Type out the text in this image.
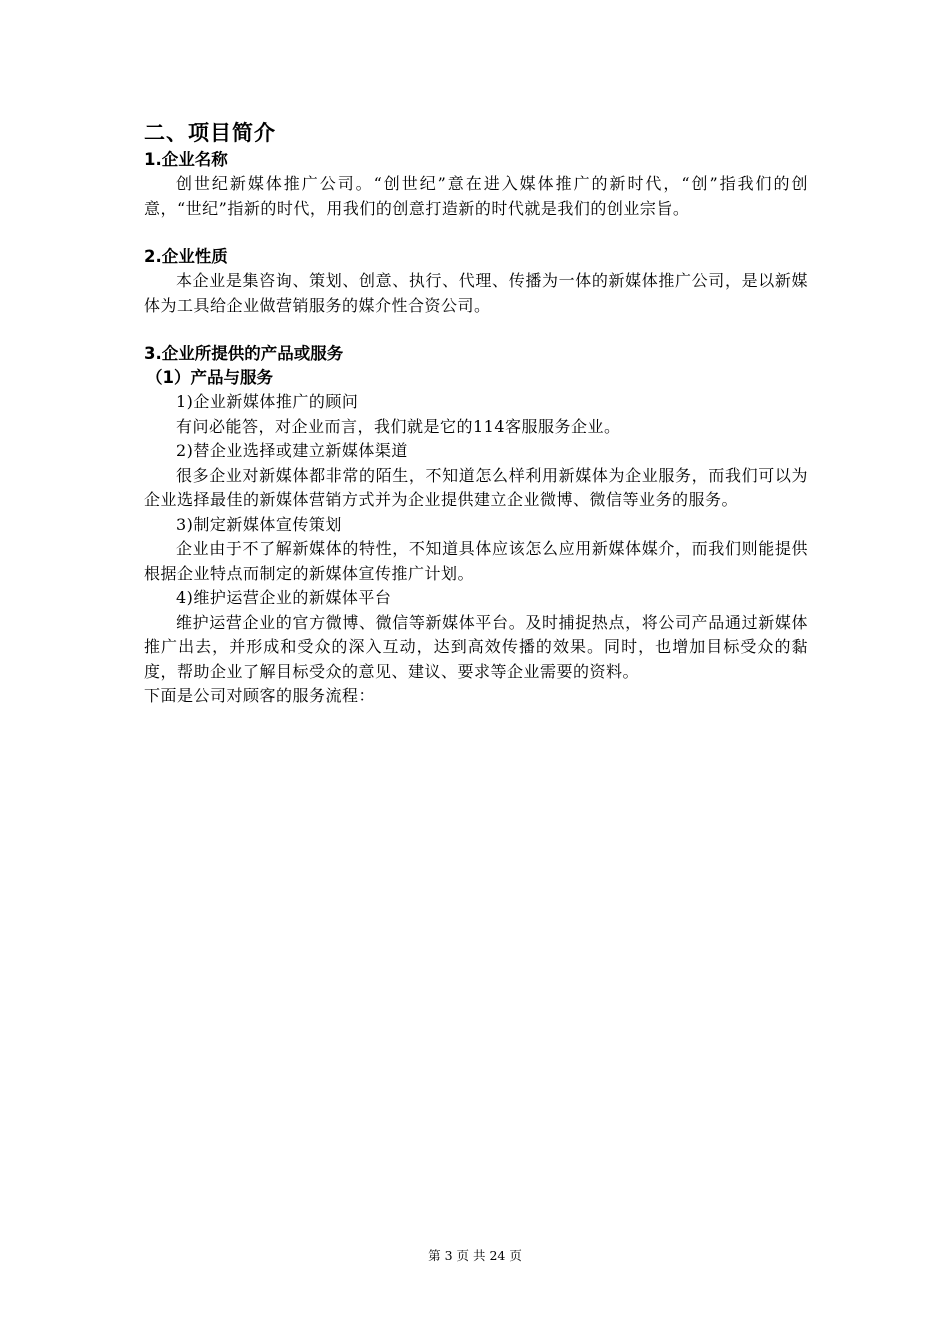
二、项目简介

1.企业名称

创世纪新媒体推广公司。“创世纪”意在进入媒体推广的新时代，“创”指我们的创意，“世纪”指新的时代，用我们的创意打造新的时代就是我们的创业宗旨。

2.企业性质

本企业是集咨询、策划、创意、执行、代理、传播为一体的新媒体推广公司，是以新媒体为工具给企业做营销服务的媒介性合资公司。

3.企业所提供的产品或服务

（1）产品与服务

1)企业新媒体推广的顾问

有问必能答，对企业而言，我们就是它的114客服服务企业。

2)替企业选择或建立新媒体渠道

很多企业对新媒体都非常的陌生，不知道怎么样利用新媒体为企业服务，而我们可以为企业选择最佳的新媒体营销方式并为企业提供建立企业微博、微信等业务的服务。

3)制定新媒体宣传策划

企业由于不了解新媒体的特性，不知道具体应该怎么应用新媒体媒介，而我们则能提供根据企业特点而制定的新媒体宣传推广计划。

4)维护运营企业的新媒体平台

维护运营企业的官方微博、微信等新媒体平台。及时捕捉热点，将公司产品通过新媒体推广出去，并形成和受众的深入互动，达到高效传播的效果。同时，也增加目标受众的黏度，帮助企业了解目标受众的意见、建议、要求等企业需要的资料。

下面是公司对顾客的服务流程：

第 3 页 共 24 页
